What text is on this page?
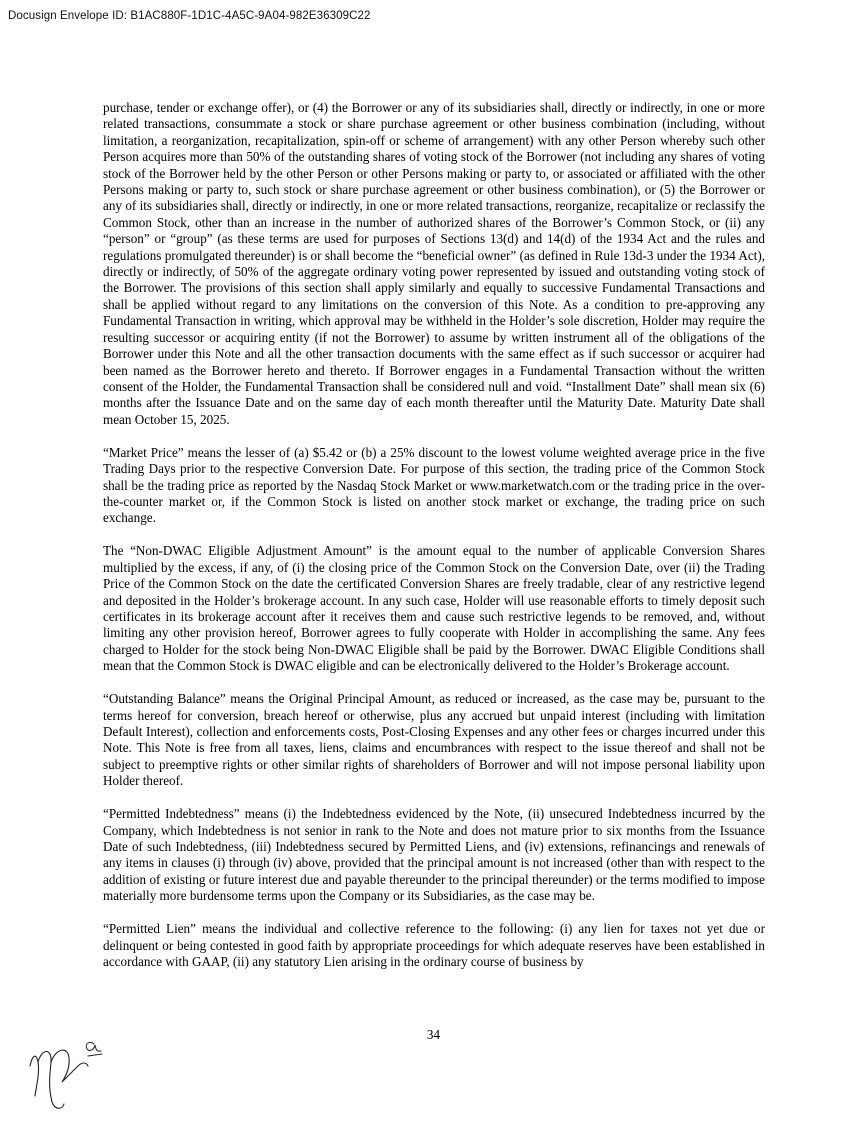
Docusign Envelope ID: B1AC880F-1D1C-4A5C-9A04-982E36309C22

purchase, tender or exchange offer), or (4) the Borrower or any of its subsidiaries shall, directly or indirectly, in one or more related transactions, consummate a stock or share purchase agreement or other business combination (including, without limitation, a reorganization, recapitalization, spin-off or scheme of arrangement) with any other Person whereby such other Person acquires more than 50% of the outstanding shares of voting stock of the Borrower (not including any shares of voting stock of the Borrower held by the other Person or other Persons making or party to, or associated or affiliated with the other Persons making or party to, such stock or share purchase agreement or other business combination), or (5) the Borrower or any of its subsidiaries shall, directly or indirectly, in one or more related transactions, reorganize, recapitalize or reclassify the Common Stock, other than an increase in the number of authorized shares of the Borrower’s Common Stock, or (ii) any “person” or “group” (as these terms are used for purposes of Sections 13(d) and 14(d) of the 1934 Act and the rules and regulations promulgated thereunder) is or shall become the “beneficial owner” (as defined in Rule 13d-3 under the 1934 Act), directly or indirectly, of 50% of the aggregate ordinary voting power represented by issued and outstanding voting stock of the Borrower. The provisions of this section shall apply similarly and equally to successive Fundamental Transactions and shall be applied without regard to any limitations on the conversion of this Note. As a condition to pre-approving any Fundamental Transaction in writing, which approval may be withheld in the Holder’s sole discretion, Holder may require the resulting successor or acquiring entity (if not the Borrower) to assume by written instrument all of the obligations of the Borrower under this Note and all the other transaction documents with the same effect as if such successor or acquirer had been named as the Borrower hereto and thereto. If Borrower engages in a Fundamental Transaction without the written consent of the Holder, the Fundamental Transaction shall be considered null and void. “Installment Date” shall mean six (6) months after the Issuance Date and on the same day of each month thereafter until the Maturity Date. Maturity Date shall mean October 15, 2025.

“Market Price” means the lesser of (a) $5.42 or (b) a 25% discount to the lowest volume weighted average price in the five Trading Days prior to the respective Conversion Date. For purpose of this section, the trading price of the Common Stock shall be the trading price as reported by the Nasdaq Stock Market or www.marketwatch.com or the trading price in the over-the-counter market or, if the Common Stock is listed on another stock market or exchange, the trading price on such exchange.

The “Non-DWAC Eligible Adjustment Amount” is the amount equal to the number of applicable Conversion Shares multiplied by the excess, if any, of (i) the closing price of the Common Stock on the Conversion Date, over (ii) the Trading Price of the Common Stock on the date the certificated Conversion Shares are freely tradable, clear of any restrictive legend and deposited in the Holder’s brokerage account. In any such case, Holder will use reasonable efforts to timely deposit such certificates in its brokerage account after it receives them and cause such restrictive legends to be removed, and, without limiting any other provision hereof, Borrower agrees to fully cooperate with Holder in accomplishing the same. Any fees charged to Holder for the stock being Non-DWAC Eligible shall be paid by the Borrower. DWAC Eligible Conditions shall mean that the Common Stock is DWAC eligible and can be electronically delivered to the Holder’s Brokerage account.

“Outstanding Balance” means the Original Principal Amount, as reduced or increased, as the case may be, pursuant to the terms hereof for conversion, breach hereof or otherwise, plus any accrued but unpaid interest (including with limitation Default Interest), collection and enforcements costs, Post-Closing Expenses and any other fees or charges incurred under this Note. This Note is free from all taxes, liens, claims and encumbrances with respect to the issue thereof and shall not be subject to preemptive rights or other similar rights of shareholders of Borrower and will not impose personal liability upon Holder thereof.

“Permitted Indebtedness” means (i) the Indebtedness evidenced by the Note, (ii) unsecured Indebtedness incurred by the Company, which Indebtedness is not senior in rank to the Note and does not mature prior to six months from the Issuance Date of such Indebtedness, (iii) Indebtedness secured by Permitted Liens, and (iv) extensions, refinancings and renewals of any items in clauses (i) through (iv) above, provided that the principal amount is not increased (other than with respect to the addition of existing or future interest due and payable thereunder to the principal thereunder) or the terms modified to impose materially more burdensome terms upon the Company or its Subsidiaries, as the case may be.

“Permitted Lien” means the individual and collective reference to the following: (i) any lien for taxes not yet due or delinquent or being contested in good faith by appropriate proceedings for which adequate reserves have been established in accordance with GAAP, (ii) any statutory Lien arising in the ordinary course of business by

34
